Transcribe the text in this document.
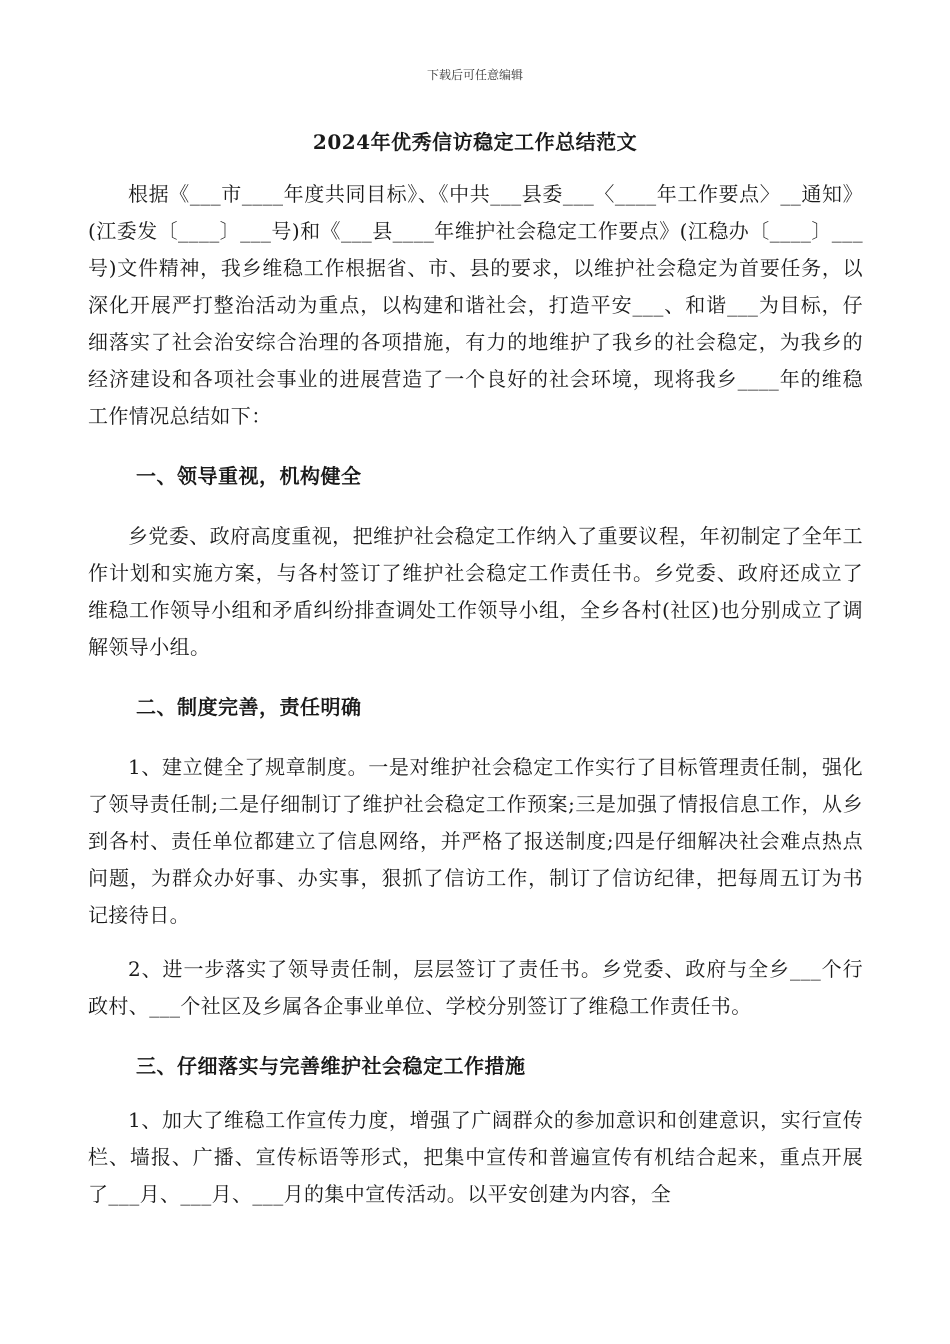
下载后可任意编辑
2024年优秀信访稳定工作总结范文

根据《___市____年度共同目标》、《中共___县委___〈____年工作要点〉__通知》(江委发〔____〕___号)和《___县____年维护社会稳定工作要点》(江稳办〔____〕___号)文件精神，我乡维稳工作根据省、市、县的要求，以维护社会稳定为首要任务，以深化开展严打整治活动为重点，以构建和谐社会，打造平安___、和谐___为目标，仔细落实了社会治安综合治理的各项措施，有力的地维护了我乡的社会稳定，为我乡的经济建设和各项社会事业的进展营造了一个良好的社会环境，现将我乡____年的维稳工作情况总结如下：

一、领导重视，机构健全

乡党委、政府高度重视，把维护社会稳定工作纳入了重要议程，年初制定了全年工作计划和实施方案，与各村签订了维护社会稳定工作责任书。乡党委、政府还成立了维稳工作领导小组和矛盾纠纷排查调处工作领导小组，全乡各村(社区)也分别成立了调解领导小组。

二、制度完善，责任明确

1、建立健全了规章制度。一是对维护社会稳定工作实行了目标管理责任制，强化了领导责任制;二是仔细制订了维护社会稳定工作预案;三是加强了情报信息工作，从乡到各村、责任单位都建立了信息网络，并严格了报送制度;四是仔细解决社会难点热点问题，为群众办好事、办实事，狠抓了信访工作，制订了信访纪律，把每周五订为书记接待日。

2、进一步落实了领导责任制，层层签订了责任书。乡党委、政府与全乡___个行政村、___个社区及乡属各企事业单位、学校分别签订了维稳工作责任书。

三、仔细落实与完善维护社会稳定工作措施

1、加大了维稳工作宣传力度，增强了广阔群众的参加意识和创建意识，实行宣传栏、墙报、广播、宣传标语等形式，把集中宣传和普遍宣传有机结合起来，重点开展了___月、___月、___月的集中宣传活动。以平安创建为内容，全
